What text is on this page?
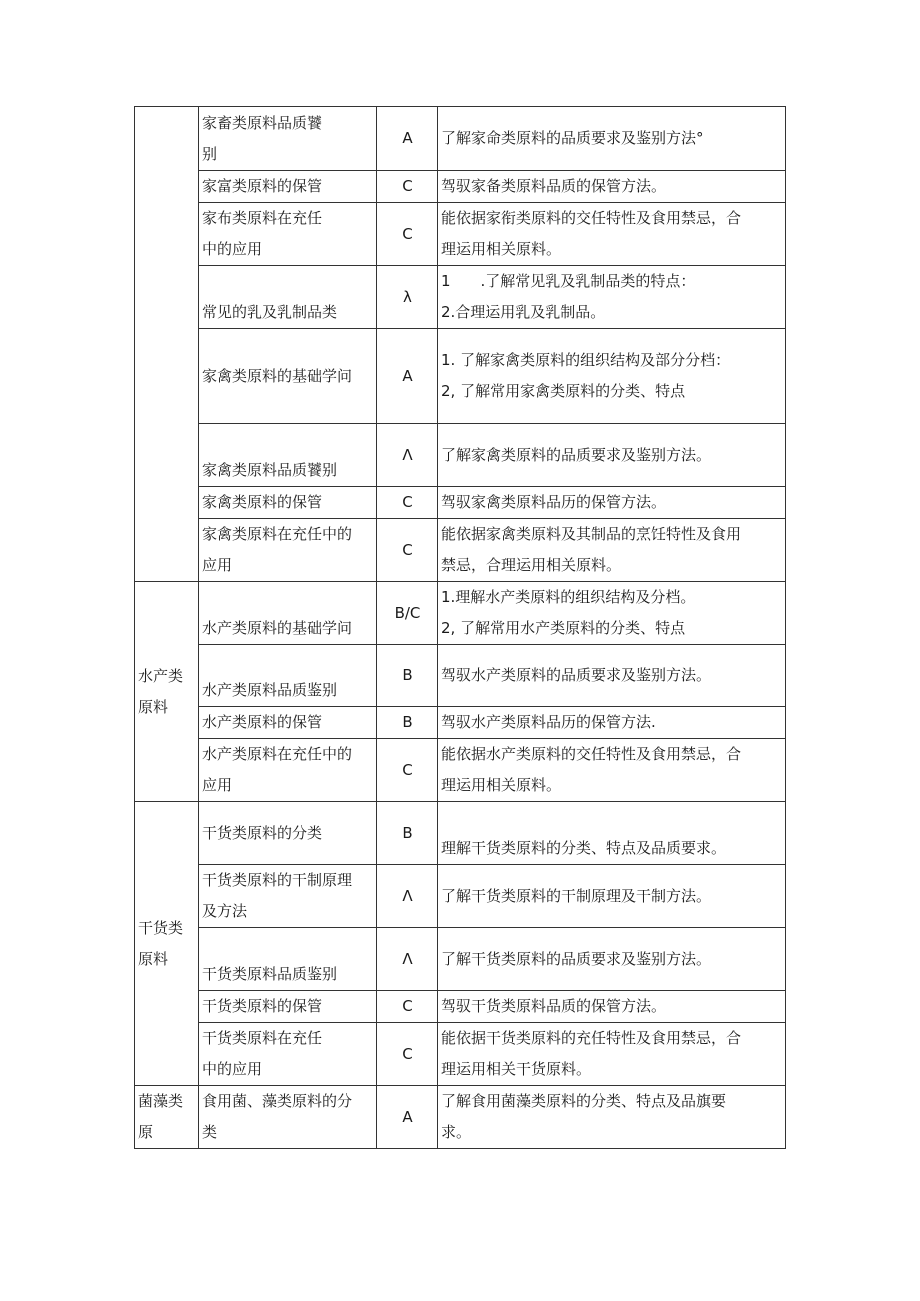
	家畜类原料品质饕
别	A	了解家命类原料的品质要求及鉴别方法°

	家富类原料的保管	C	驾驭家备类原料品质的保管方法。

	家布类原料在充任
中的应用	C	能依据家衔类原料的交任特性及食用禁忌，合
理运用相关原料。

	常见的乳及乳制品类	λ	1　　.了解常见乳及乳制品类的特点：
2.合理运用乳及乳制品。

	家禽类原料的基础学问	A	1. 了解家禽类原料的组织结构及部分分档：
2, 了解常用家禽类原料的分类、特点

	家禽类原料品质饕别	Λ	了解家禽类原料的品质要求及鉴别方法。

	家禽类原料的保管	C	驾驭家禽类原料品历的保管方法。

	家禽类原料在充任中的
应用	C	能依据家禽类原料及其制品的烹饪特性及食用
禁忌，合理运用相关原料。

水产类
原料	水产类原料的基础学问	B/C	1.理解水产类原料的组织结构及分档。
2, 了解常用水产类原料的分类、特点

	水产类原料品质鉴别	B	驾驭水产类原料的品质要求及鉴别方法。

	水产类原料的保管	B	驾驭水产类原料品历的保管方法.

	水产类原料在充任中的
应用	C	能依据水产类原料的交任特性及食用禁忌，合
理运用相关原料。

干货类
原料	干货类原料的分类	B	理解干货类原料的分类、特点及品质要求。

	干货类原料的干制原理
及方法	Λ	了解干货类原料的干制原理及干制方法。

	干货类原料品质鉴别	Λ	了解干货类原料的品质要求及鉴别方法。

	干货类原料的保管	C	驾驭干货类原料品质的保管方法。

	干货类原料在充任
中的应用	C	能依据干货类原料的充任特性及食用禁忌，合
理运用相关干货原料。

菌藻类
原	食用菌、藻类原料的分
类	A	了解食用菌藻类原料的分类、特点及品旗要
求。
